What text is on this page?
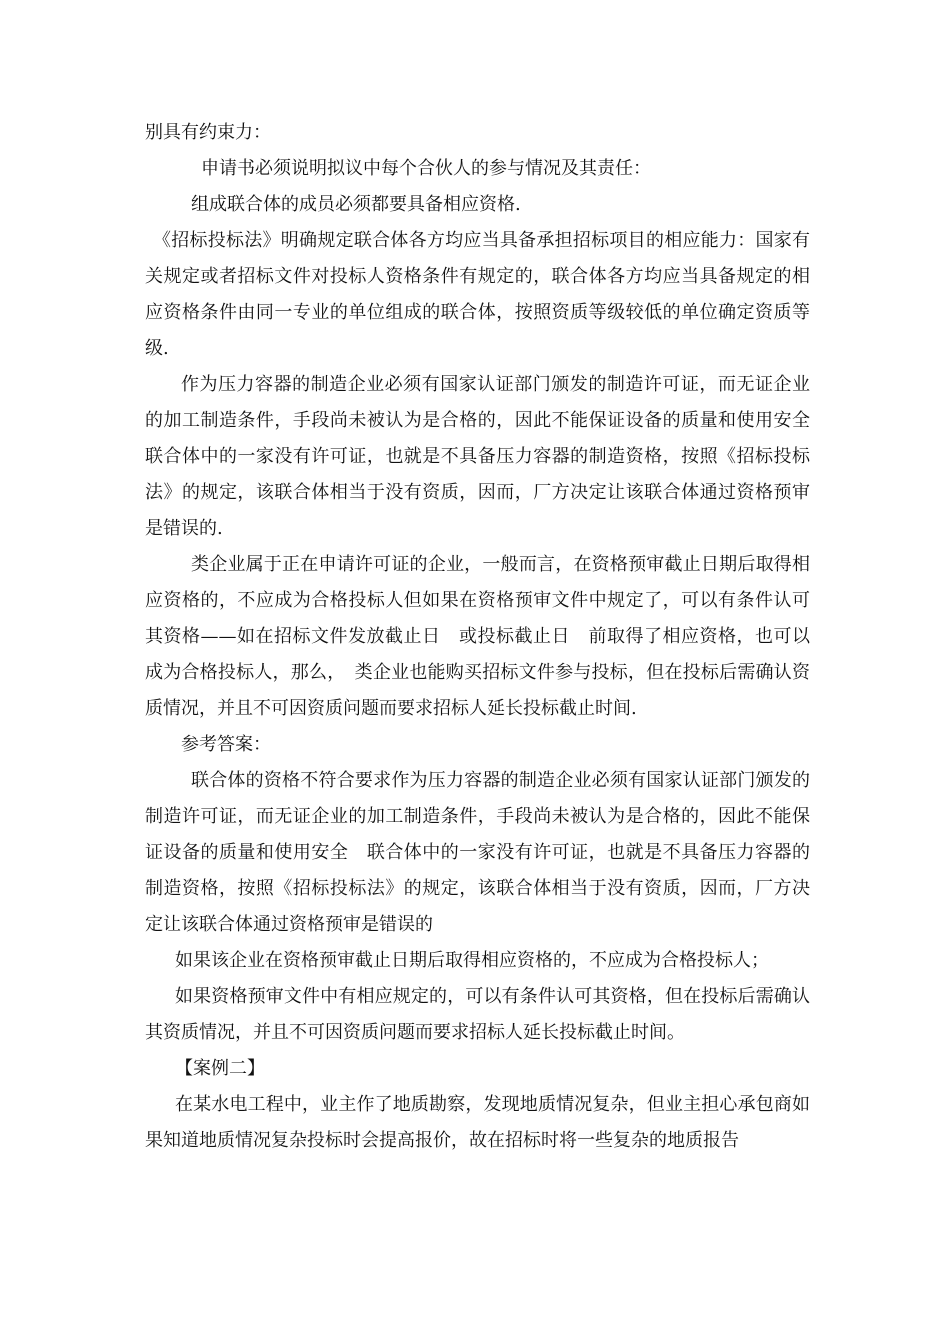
别具有约束力：

申请书必须说明拟议中每个合伙人的参与情况及其责任：

组成联合体的成员必须都要具备相应资格.

《招标投标法》明确规定联合体各方均应当具备承担招标项目的相应能力：国家有关规定或者招标文件对投标人资格条件有规定的，联合体各方均应当具备规定的相应资格条件由同一专业的单位组成的联合体，按照资质等级较低的单位确定资质等级.

作为压力容器的制造企业必须有国家认证部门颁发的制造许可证，而无证企业的加工制造条件，手段尚未被认为是合格的，因此不能保证设备的质量和使用安全　联合体中的一家没有许可证，也就是不具备压力容器的制造资格，按照《招标投标法》的规定，该联合体相当于没有资质，因而，厂方决定让该联合体通过资格预审是错误的.

类企业属于正在申请许可证的企业，一般而言，在资格预审截止日期后取得相应资格的，不应成为合格投标人但如果在资格预审文件中规定了，可以有条件认可其资格——如在招标文件发放截止日　或投标截止日　前取得了相应资格，也可以成为合格投标人，那么，　类企业也能购买招标文件参与投标，但在投标后需确认资质情况，并且不可因资质问题而要求招标人延长投标截止时间.

参考答案：

联合体的资格不符合要求作为压力容器的制造企业必须有国家认证部门颁发的制造许可证，而无证企业的加工制造条件，手段尚未被认为是合格的，因此不能保证设备的质量和使用安全　联合体中的一家没有许可证，也就是不具备压力容器的制造资格，按照《招标投标法》的规定，该联合体相当于没有资质，因而，厂方决定让该联合体通过资格预审是错误的

如果该企业在资格预审截止日期后取得相应资格的，不应成为合格投标人；

如果资格预审文件中有相应规定的，可以有条件认可其资格，但在投标后需确认其资质情况，并且不可因资质问题而要求招标人延长投标截止时间。

【案例二】

在某水电工程中，业主作了地质勘察，发现地质情况复杂，但业主担心承包商如果知道地质情况复杂投标时会提高报价，故在招标时将一些复杂的地质报告
